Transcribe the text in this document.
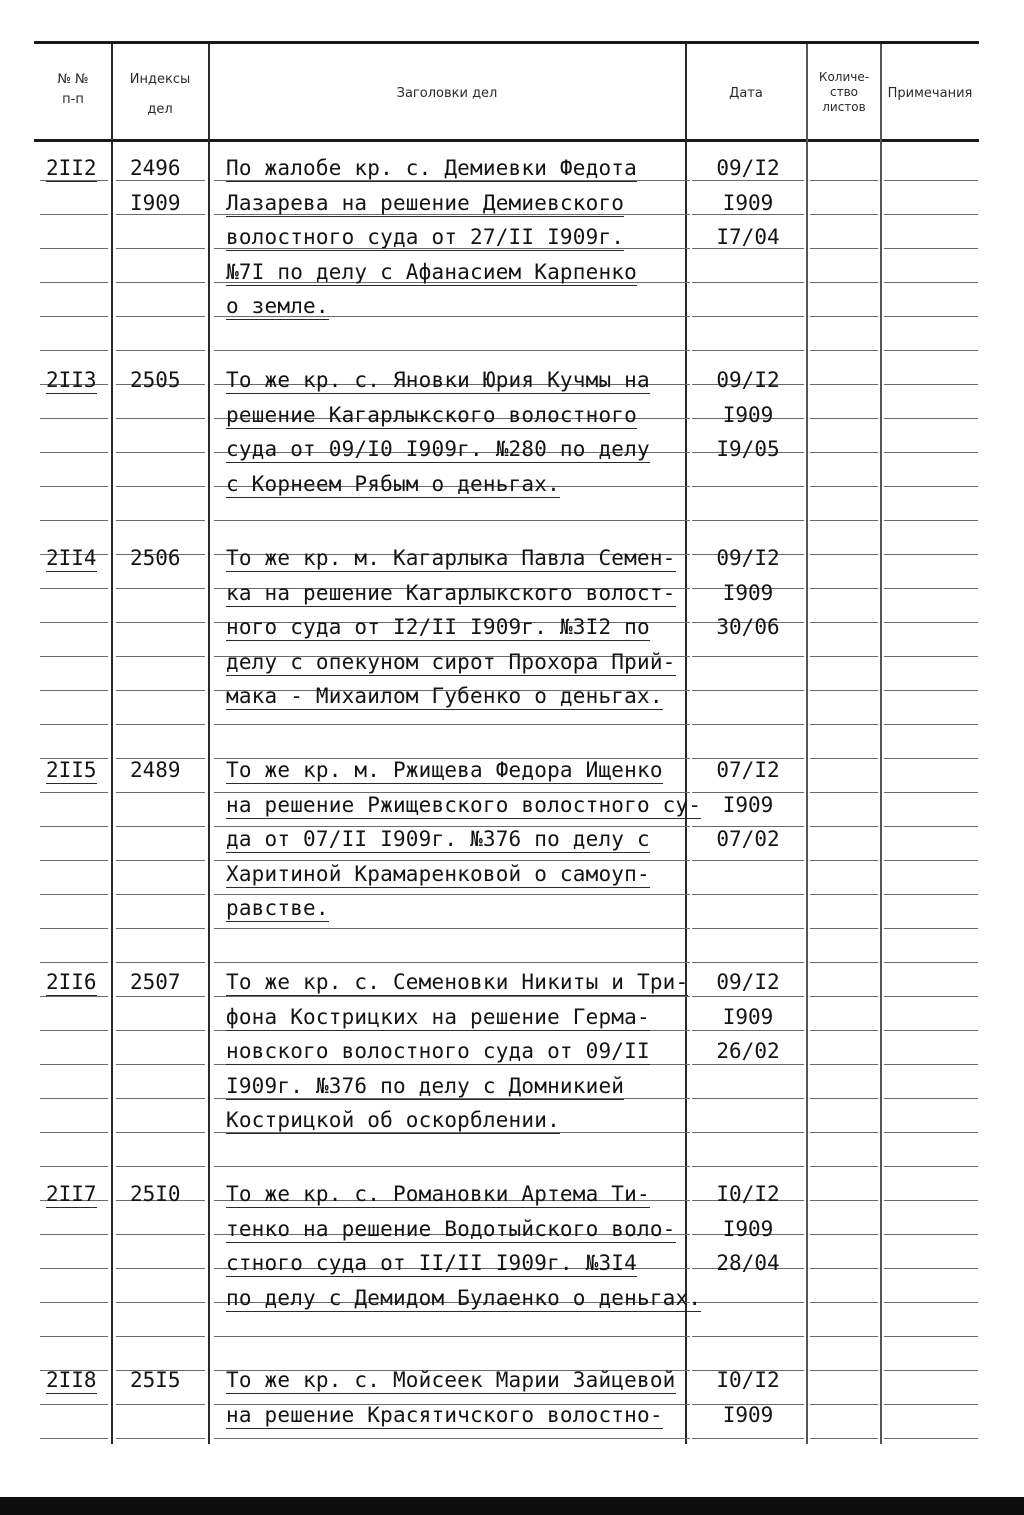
№ №
п-п
Индексы
дел
Заголовки дел	Дата
Количе-
ство
листов
Примечания
2II2 2496
I909
По жалобе кр. с. Демиевки Федота
Лазарева на решение Демиевского
волостного суда от 27/II I909г.
№7I по делу с Афанасием Карпенко
о земле.
09/I2
I909
I7/04
2II3 2505 То же кр. с. Яновки Юрия Кучмы на
решение Кагарлыкского волостного
суда от 09/I0 I909г. №280 по делу
с Корнеем Рябым о деньгах.
09/I2
I909
I9/05
2II4 2506 То же кр. м. Кагарлыка Павла Семен-
ка на решение Кагарлыкского волост-
ного суда от I2/II I909г. №3I2 по
делу с опекуном сирот Прохора Прий-
мака - Михаилом Губенко о деньгах.
09/I2
I909
30/06
2II5 2489 То же кр. м. Ржищева Федора Ищенко
на решение Ржищевского волостного су-
да от 07/II I909г. №376 по делу с
Харитиной Крамаренковой о самоуп-
равстве.
07/I2
I909
07/02
2II6 2507 То же кр. с. Семеновки Никиты и Три-
фона Кострицких на решение Герма-
новского волостного суда от 09/II
I909г. №376 по делу с Домникией
Кострицкой об оскорблении.
09/I2
I909
26/02
2II7 25I0 То же кр. с. Романовки Артема Ти-
тенко на решение Водотыйского воло-
стного суда от II/II I909г. №3I4
по делу с Демидом Булаенко о деньгах.
I0/I2
I909
28/04
2II8 25I5 То же кр. с. Мойсеек Марии Зайцевой
на решение Красятичского волостно-
I0/I2
I909
